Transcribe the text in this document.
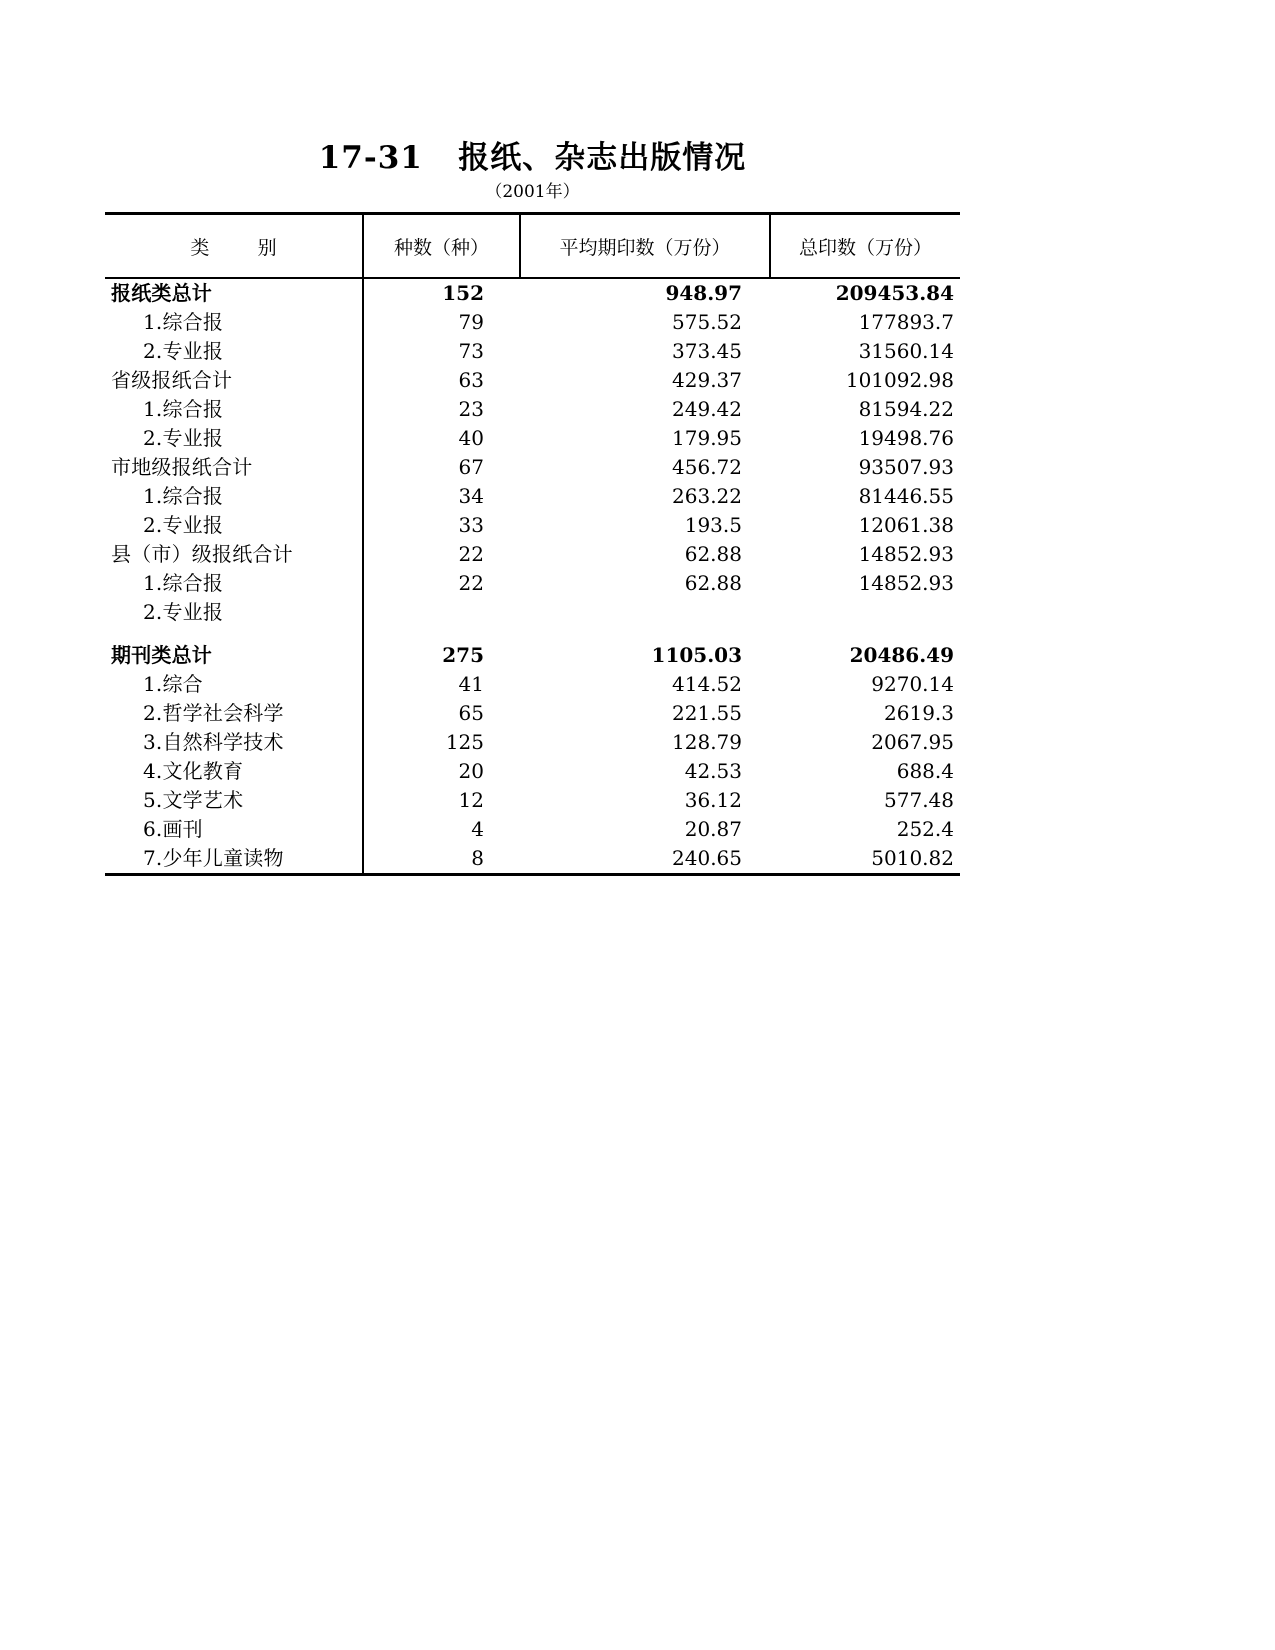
17-31 报纸、杂志出版情况
（2001年）
类        别	种数（种）	平均期印数（万份）	总印数（万份）
报纸类总计	152	948.97	209453.84
1.综合报	79	575.52	177893.7
2.专业报	73	373.45	31560.14
省级报纸合计	63	429.37	101092.98
1.综合报	23	249.42	81594.22
2.专业报	40	179.95	19498.76
市地级报纸合计	67	456.72	93507.93
1.综合报	34	263.22	81446.55
2.专业报	33	193.5	12061.38
县（市）级报纸合计	22	62.88	14852.93
1.综合报	22	62.88	14852.93
2.专业报			

期刊类总计	275	1105.03	20486.49
1.综合	41	414.52	9270.14
2.哲学社会科学	65	221.55	2619.3
3.自然科学技术	125	128.79	2067.95
4.文化教育	20	42.53	688.4
5.文学艺术	12	36.12	577.48
6.画刊	4	20.87	252.4
7.少年儿童读物	8	240.65	5010.82
